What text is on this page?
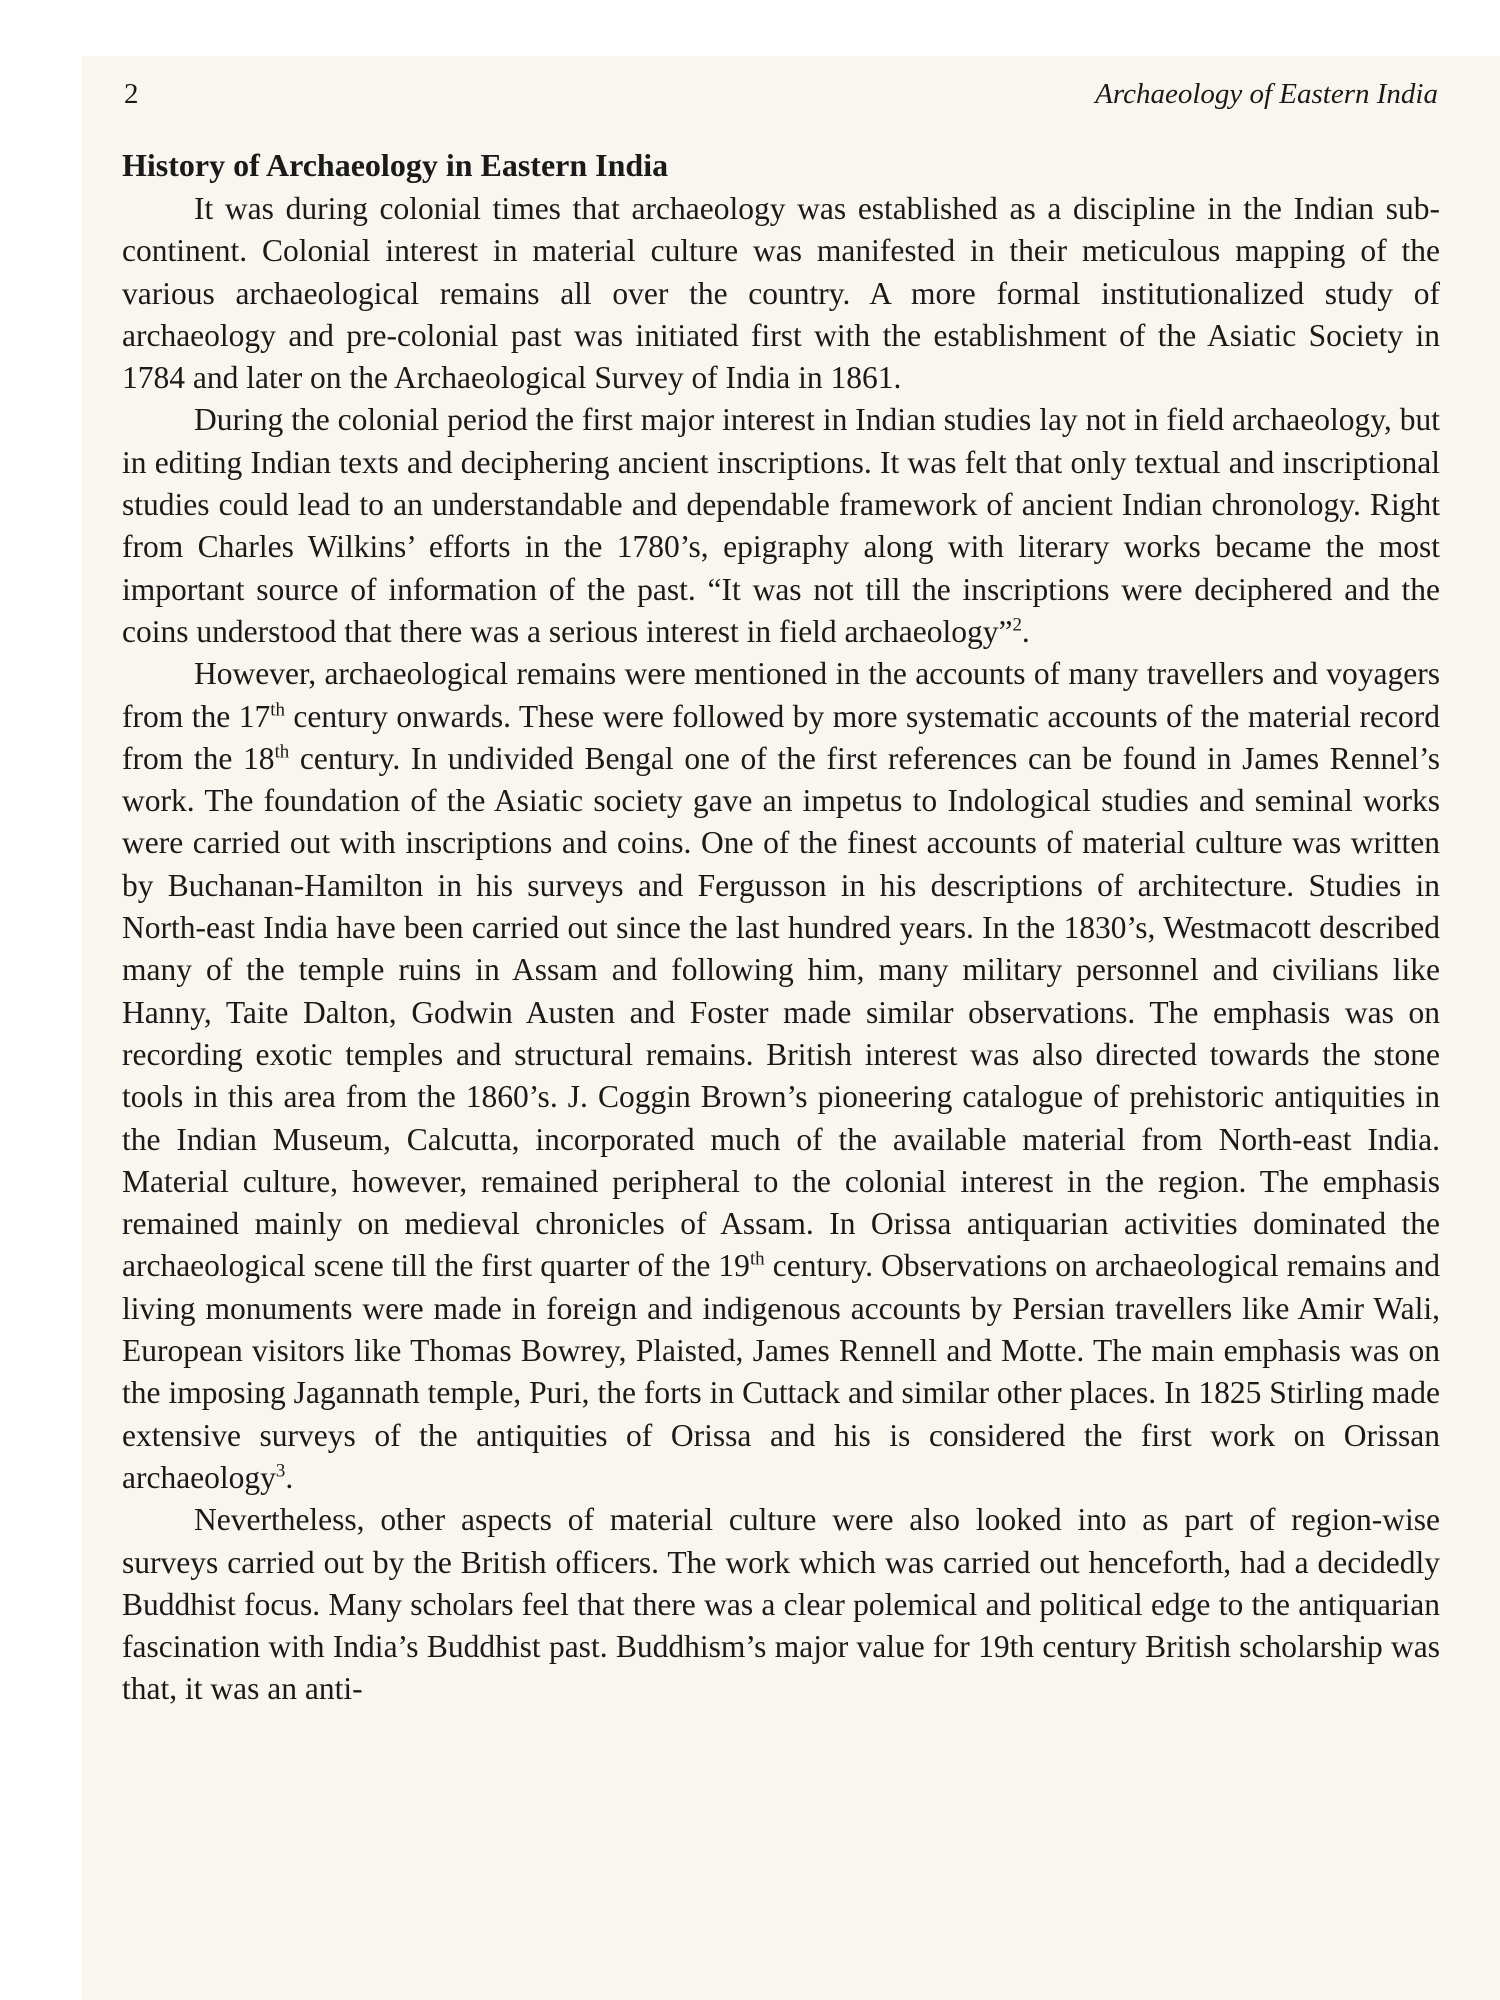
2	Archaeology of Eastern India
History of Archaeology in Eastern India

It was during colonial times that archaeology was established as a discipline in the Indian sub-continent. Colonial interest in material culture was manifested in their meticulous mapping of the various archaeological remains all over the country. A more formal institutionalized study of archaeology and pre-colonial past was initiated first with the establishment of the Asiatic Society in 1784 and later on the Archaeological Survey of India in 1861.

During the colonial period the first major interest in Indian studies lay not in field archaeology, but in editing Indian texts and deciphering ancient inscriptions. It was felt that only textual and inscriptional studies could lead to an understandable and dependable framework of ancient Indian chronology. Right from Charles Wilkins’ efforts in the 1780’s, epigraphy along with literary works became the most important source of information of the past. “It was not till the inscriptions were deciphered and the coins understood that there was a serious interest in field archaeology”$^2$.

However, archaeological remains were mentioned in the accounts of many travellers and voyagers from the 17th century onwards. These were followed by more systematic accounts of the material record from the 18th century. In undivided Bengal one of the first references can be found in James Rennel’s work. The foundation of the Asiatic society gave an impetus to Indological studies and seminal works were carried out with inscriptions and coins. One of the finest accounts of material culture was written by Buchanan-Hamilton in his surveys and Fergusson in his descriptions of architecture. Studies in North-east India have been carried out since the last hundred years. In the 1830’s, Westmacott described many of the temple ruins in Assam and following him, many military personnel and civilians like Hanny, Taite Dalton, Godwin Austen and Foster made similar observations. The emphasis was on recording exotic temples and structural remains. British interest was also directed towards the stone tools in this area from the 1860’s. J. Coggin Brown’s pioneering catalogue of prehistoric antiquities in the Indian Museum, Calcutta, incorporated much of the available material from North-east India. Material culture, however, remained peripheral to the colonial interest in the region. The emphasis remained mainly on medieval chronicles of Assam. In Orissa antiquarian activities dominated the archaeological scene till the first quarter of the 19th century. Observations on archaeological remains and living monuments were made in foreign and indigenous accounts by Persian travellers like Amir Wali, European visitors like Thomas Bowrey, Plaisted, James Rennell and Motte. The main emphasis was on the imposing Jagannath temple, Puri, the forts in Cuttack and similar other places. In 1825 Stirling made extensive surveys of the antiquities of Orissa and his is considered the first work on Orissan archaeology$^3$.

Nevertheless, other aspects of material culture were also looked into as part of region-wise surveys carried out by the British officers. The work which was carried out henceforth, had a decidedly Buddhist focus. Many scholars feel that there was a clear polemical and political edge to the antiquarian fascination with India’s Buddhist past. Buddhism’s major value for 19th century British scholarship was that, it was an anti-
